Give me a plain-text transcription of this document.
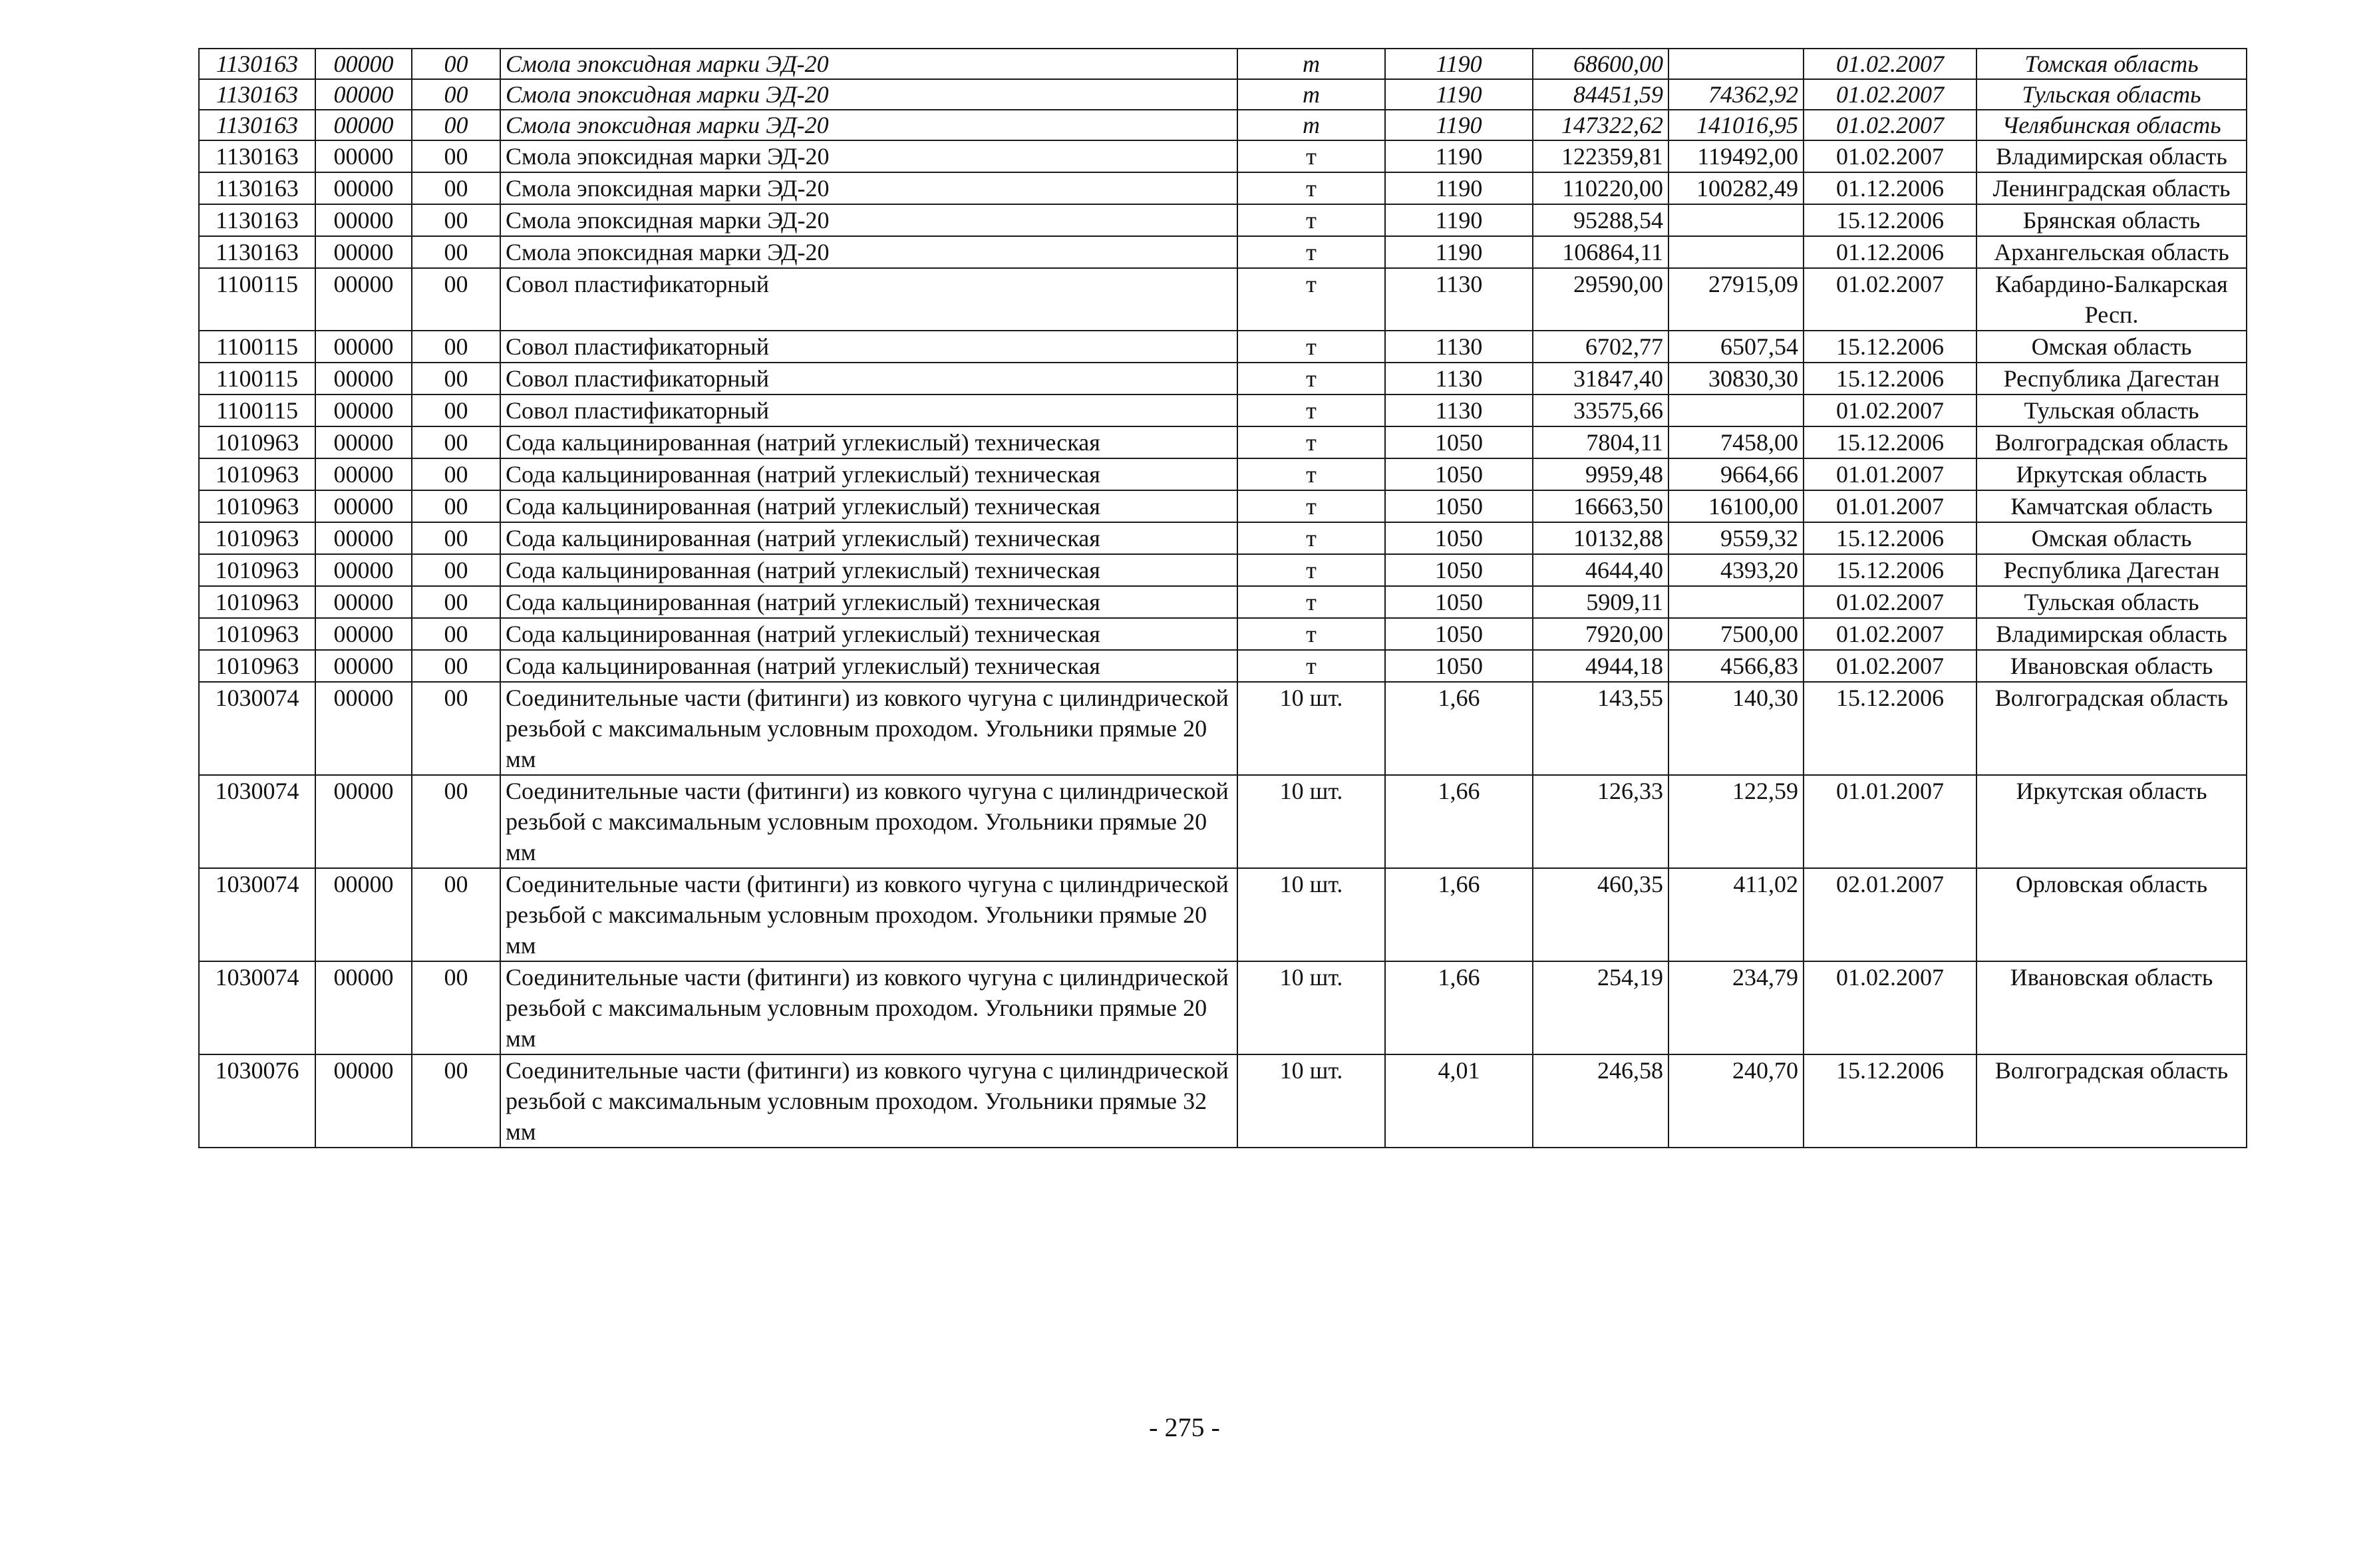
1130163	00000	00	Смола эпоксидная марки ЭД-20	т	1190	68600,00		01.02.2007	Томская область
1130163	00000	00	Смола эпоксидная марки ЭД-20	т	1190	84451,59	74362,92	01.02.2007	Тульская область
1130163	00000	00	Смола эпоксидная марки ЭД-20	т	1190	147322,62	141016,95	01.02.2007	Челябинская область
1130163	00000	00	Смола эпоксидная марки ЭД-20	т	1190	122359,81	119492,00	01.02.2007	Владимирская область
1130163	00000	00	Смола эпоксидная марки ЭД-20	т	1190	110220,00	100282,49	01.12.2006	Ленинградская область
1130163	00000	00	Смола эпоксидная марки ЭД-20	т	1190	95288,54		15.12.2006	Брянская область
1130163	00000	00	Смола эпоксидная марки ЭД-20	т	1190	106864,11		01.12.2006	Архангельская область
1100115	00000	00	Совол пластификаторный	т	1130	29590,00	27915,09	01.02.2007	Кабардино-Балкарская Респ.
1100115	00000	00	Совол пластификаторный	т	1130	6702,77	6507,54	15.12.2006	Омская область
1100115	00000	00	Совол пластификаторный	т	1130	31847,40	30830,30	15.12.2006	Республика Дагестан
1100115	00000	00	Совол пластификаторный	т	1130	33575,66		01.02.2007	Тульская область
1010963	00000	00	Сода кальцинированная (натрий углекислый) техническая	т	1050	7804,11	7458,00	15.12.2006	Волгоградская область
1010963	00000	00	Сода кальцинированная (натрий углекислый) техническая	т	1050	9959,48	9664,66	01.01.2007	Иркутская область
1010963	00000	00	Сода кальцинированная (натрий углекислый) техническая	т	1050	16663,50	16100,00	01.01.2007	Камчатская область
1010963	00000	00	Сода кальцинированная (натрий углекислый) техническая	т	1050	10132,88	9559,32	15.12.2006	Омская область
1010963	00000	00	Сода кальцинированная (натрий углекислый) техническая	т	1050	4644,40	4393,20	15.12.2006	Республика Дагестан
1010963	00000	00	Сода кальцинированная (натрий углекислый) техническая	т	1050	5909,11		01.02.2007	Тульская область
1010963	00000	00	Сода кальцинированная (натрий углекислый) техническая	т	1050	7920,00	7500,00	01.02.2007	Владимирская область
1010963	00000	00	Сода кальцинированная (натрий углекислый) техническая	т	1050	4944,18	4566,83	01.02.2007	Ивановская область
1030074	00000	00	Соединительные части (фитинги) из ковкого чугуна с цилиндрической резьбой с максимальным условным проходом. Угольники прямые 20 мм	10 шт.	1,66	143,55	140,30	15.12.2006	Волгоградская область
1030074	00000	00	Соединительные части (фитинги) из ковкого чугуна с цилиндрической резьбой с максимальным условным проходом. Угольники прямые 20 мм	10 шт.	1,66	126,33	122,59	01.01.2007	Иркутская область
1030074	00000	00	Соединительные части (фитинги) из ковкого чугуна с цилиндрической резьбой с максимальным условным проходом. Угольники прямые 20 мм	10 шт.	1,66	460,35	411,02	02.01.2007	Орловская область
1030074	00000	00	Соединительные части (фитинги) из ковкого чугуна с цилиндрической резьбой с максимальным условным проходом. Угольники прямые 20 мм	10 шт.	1,66	254,19	234,79	01.02.2007	Ивановская область
1030076	00000	00	Соединительные части (фитинги) из ковкого чугуна с цилиндрической резьбой с максимальным условным проходом. Угольники прямые 32 мм	10 шт.	4,01	246,58	240,70	15.12.2006	Волгоградская область
- 275 -
